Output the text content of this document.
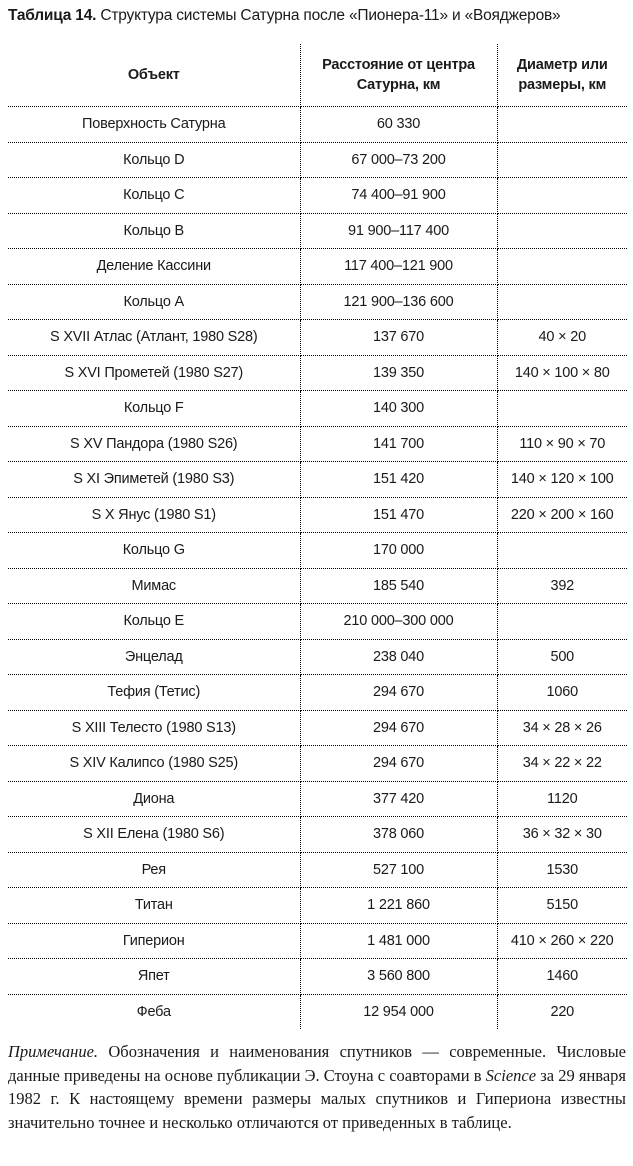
Таблица 14. Структура системы Сатурна после «Пионера-11» и «Вояджеров»
Объект	Расстояние от центра Сатурна, км	Диаметр или размеры, км
Поверхность Сатурна	60 330	
Кольцо D	67 000–73 200	
Кольцо C	74 400–91 900	
Кольцо B	91 900–117 400	
Деление Кассини	117 400–121 900	
Кольцо A	121 900–136 600	
S XVII Атлас (Атлант, 1980 S28)	137 670	40 × 20
S XVI Прометей (1980 S27)	139 350	140 × 100 × 80
Кольцо F	140 300	
S XV Пандора (1980 S26)	141 700	110 × 90 × 70
S XI Эпиметей (1980 S3)	151 420	140 × 120 × 100
S X Янус (1980 S1)	151 470	220 × 200 × 160
Кольцо G	170 000	
Мимас	185 540	392
Кольцо E	210 000–300 000	
Энцелад	238 040	500
Тефия (Тетис)	294 670	1060
S XIII Телесто (1980 S13)	294 670	34 × 28 × 26
S XIV Калипсо (1980 S25)	294 670	34 × 22 × 22
Диона	377 420	1120
S XII Елена (1980 S6)	378 060	36 × 32 × 30
Рея	527 100	1530
Титан	1 221 860	5150
Гиперион	1 481 000	410 × 260 × 220
Япет	3 560 800	1460
Феба	12 954 000	220
Примечание. Обозначения и наименования спутников — современные. Числовые данные приведены на основе публикации Э. Стоуна с соавторами в Science за 29 января 1982 г. К настоящему времени размеры малых спутников и Гипериона известны значительно точнее и несколько отличаются от приведенных в таблице.
